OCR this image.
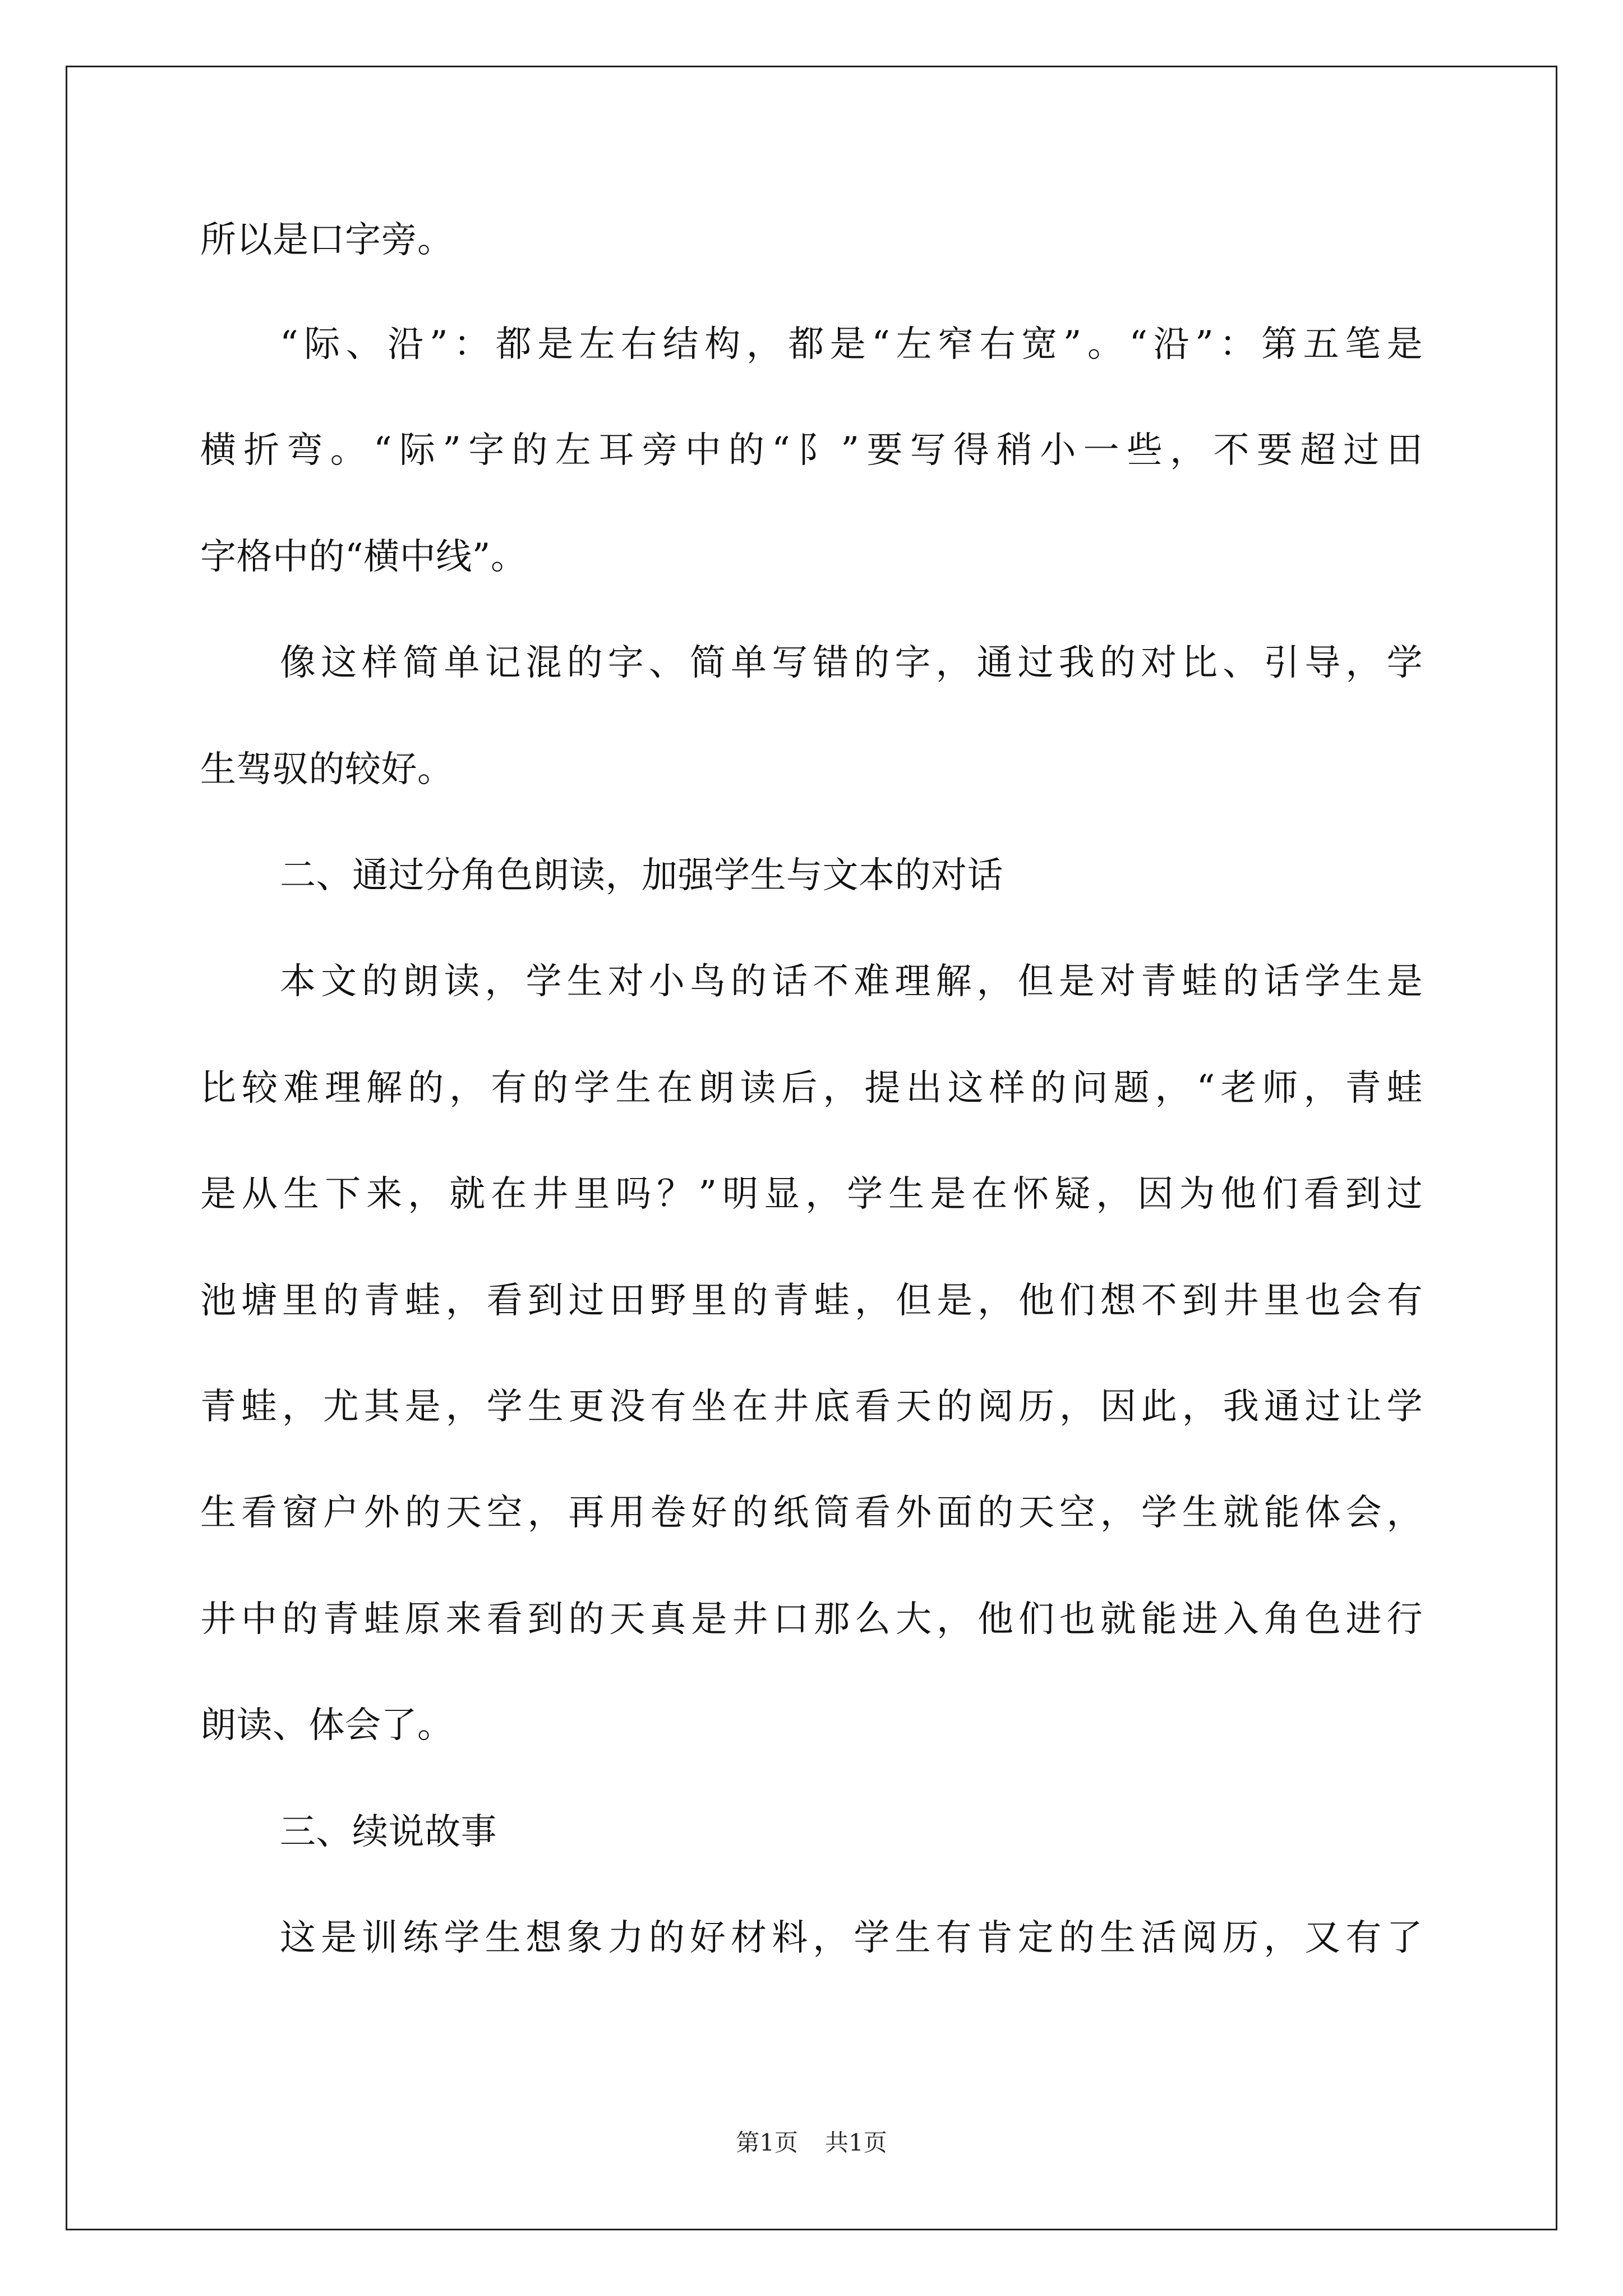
所以是口字旁。
“际、沿”：都是左右结构，都是“左窄右宽”。“沿”：第五笔是
横折弯。“际”字的左耳旁中的“阝”要写得稍小一些，不要超过田
字格中的“横中线”。
像这样简单记混的字、简单写错的字，通过我的对比、引导，学
生驾驭的较好。
二、通过分角色朗读，加强学生与文本的对话
本文的朗读，学生对小鸟的话不难理解，但是对青蛙的话学生是
比较难理解的，有的学生在朗读后，提出这样的问题，“老师，青蛙
是从生下来，就在井里吗？”明显，学生是在怀疑，因为他们看到过
池塘里的青蛙，看到过田野里的青蛙，但是，他们想不到井里也会有
青蛙，尤其是，学生更没有坐在井底看天的阅历，因此，我通过让学
生看窗户外的天空，再用卷好的纸筒看外面的天空，学生就能体会，
井中的青蛙原来看到的天真是井口那么大，他们也就能进入角色进行
朗读、体会了。
三、续说故事
这是训练学生想象力的好材料，学生有肯定的生活阅历，又有了
第1页 共1页
